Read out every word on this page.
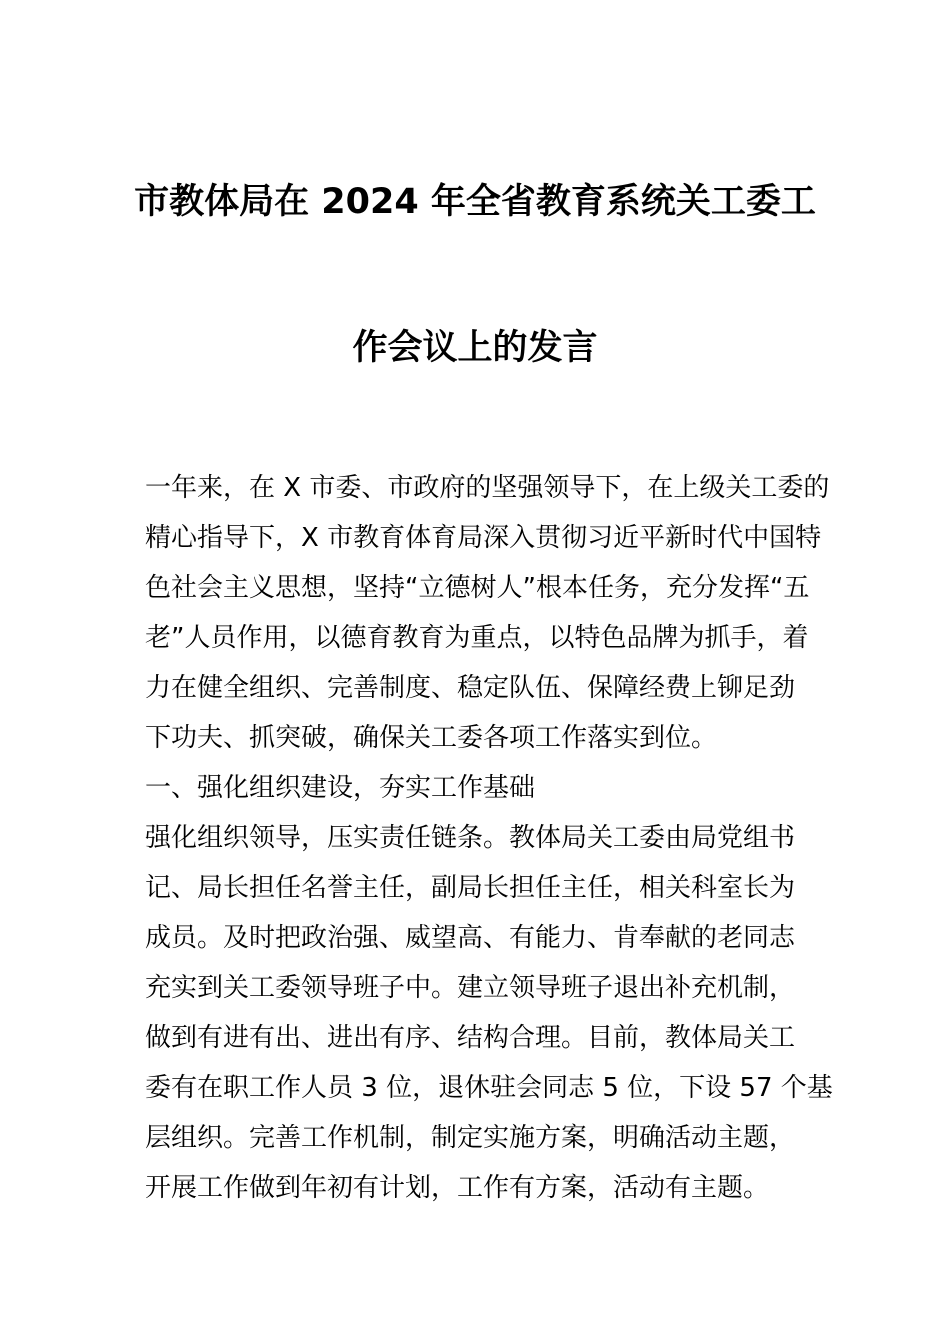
市教体局在 2024 年全省教育系统关工委工
作会议上的发言
一年来，在 X 市委、市政府的坚强领导下，在上级关工委的
精心指导下，X 市教育体育局深入贯彻习近平新时代中国特
色社会主义思想，坚持“立德树人”根本任务，充分发挥“五
老”人员作用，以德育教育为重点，以特色品牌为抓手，着
力在健全组织、完善制度、稳定队伍、保障经费上铆足劲
下功夫、抓突破，确保关工委各项工作落实到位。
一、强化组织建设，夯实工作基础
强化组织领导，压实责任链条。教体局关工委由局党组书
记、局长担任名誉主任，副局长担任主任，相关科室长为
成员。及时把政治强、威望高、有能力、肯奉献的老同志
充实到关工委领导班子中。建立领导班子退出补充机制，
做到有进有出、进出有序、结构合理。目前，教体局关工
委有在职工作人员 3 位，退休驻会同志 5 位，下设 57 个基
层组织。完善工作机制，制定实施方案，明确活动主题，
开展工作做到年初有计划，工作有方案，活动有主题。
